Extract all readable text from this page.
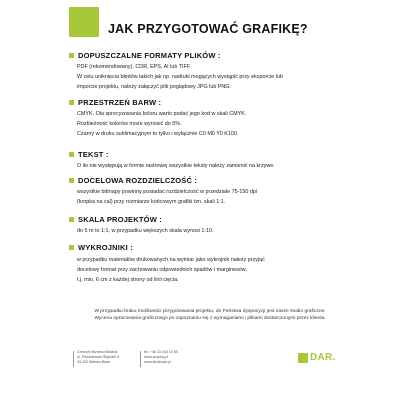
JAK PRZYGOTOWAĆ GRAFIKĘ?
DOPUSZCZALNE FORMATY PLIKÓW :
PDF (rekomendowany), CDR, EPS, AI lub TIFF.
W celu uniknięcia błędów takich jak np. nadruki mogących wystąpić przy eksporcie lub
imporcie projektu, należy załączyć plik poglądowy JPG lub PNG.
PRZESTRZEŃ BARW :
CMYK. Ola sprecyzowania koloru warto podać jego kod w skali CMYK.
Rozbieżność kolorów może wynosić do 5%.
Czarny w druku sublimacyjnym to tylko i wyłącznie C0 M0 Y0 K100.
TEKST :
O ile nie występują w formie rastrowej wszystkie teksty należy zamienić na krzywe.
DOCELOWA ROZDZIELCZOŚĆ :
wszystkie bitmapy powinny posiadać rozdzielczość w przedziale 75-150 dpi
(kropka na cal) przy rozmiarze końcowym grafiki tzn. skali 1:1.
SKALA PROJEKTÓW :
do 5 m to 1:1, w przypadku większych skala wynosi 1:10.
WYKROJNIKI :
w przypadku materiałów drukowanych na wymiar jako wykrojnik należy przyjąć
docelowy format przy zachowaniu odpowiednich spadów i marginesów,
t.j. min. 6 cm z każdej strony od linii cięcia.
W przypadku braku możliwości przygotowania projektu, do Państwa dyspozycji jest nasze studio graficzne.
Wycena opracowania graficznego po zapoznaniu się z wymaganiami i plikami dostarczonymi przez klienta.
Centrum Biznesu Bielaria
ul. Powstańców Śląskich 6
43-300 Bielsko-Biała
tel. +48 33 443 10 60
www.wraphq.pl
www.studiodar.pl	DAR.
